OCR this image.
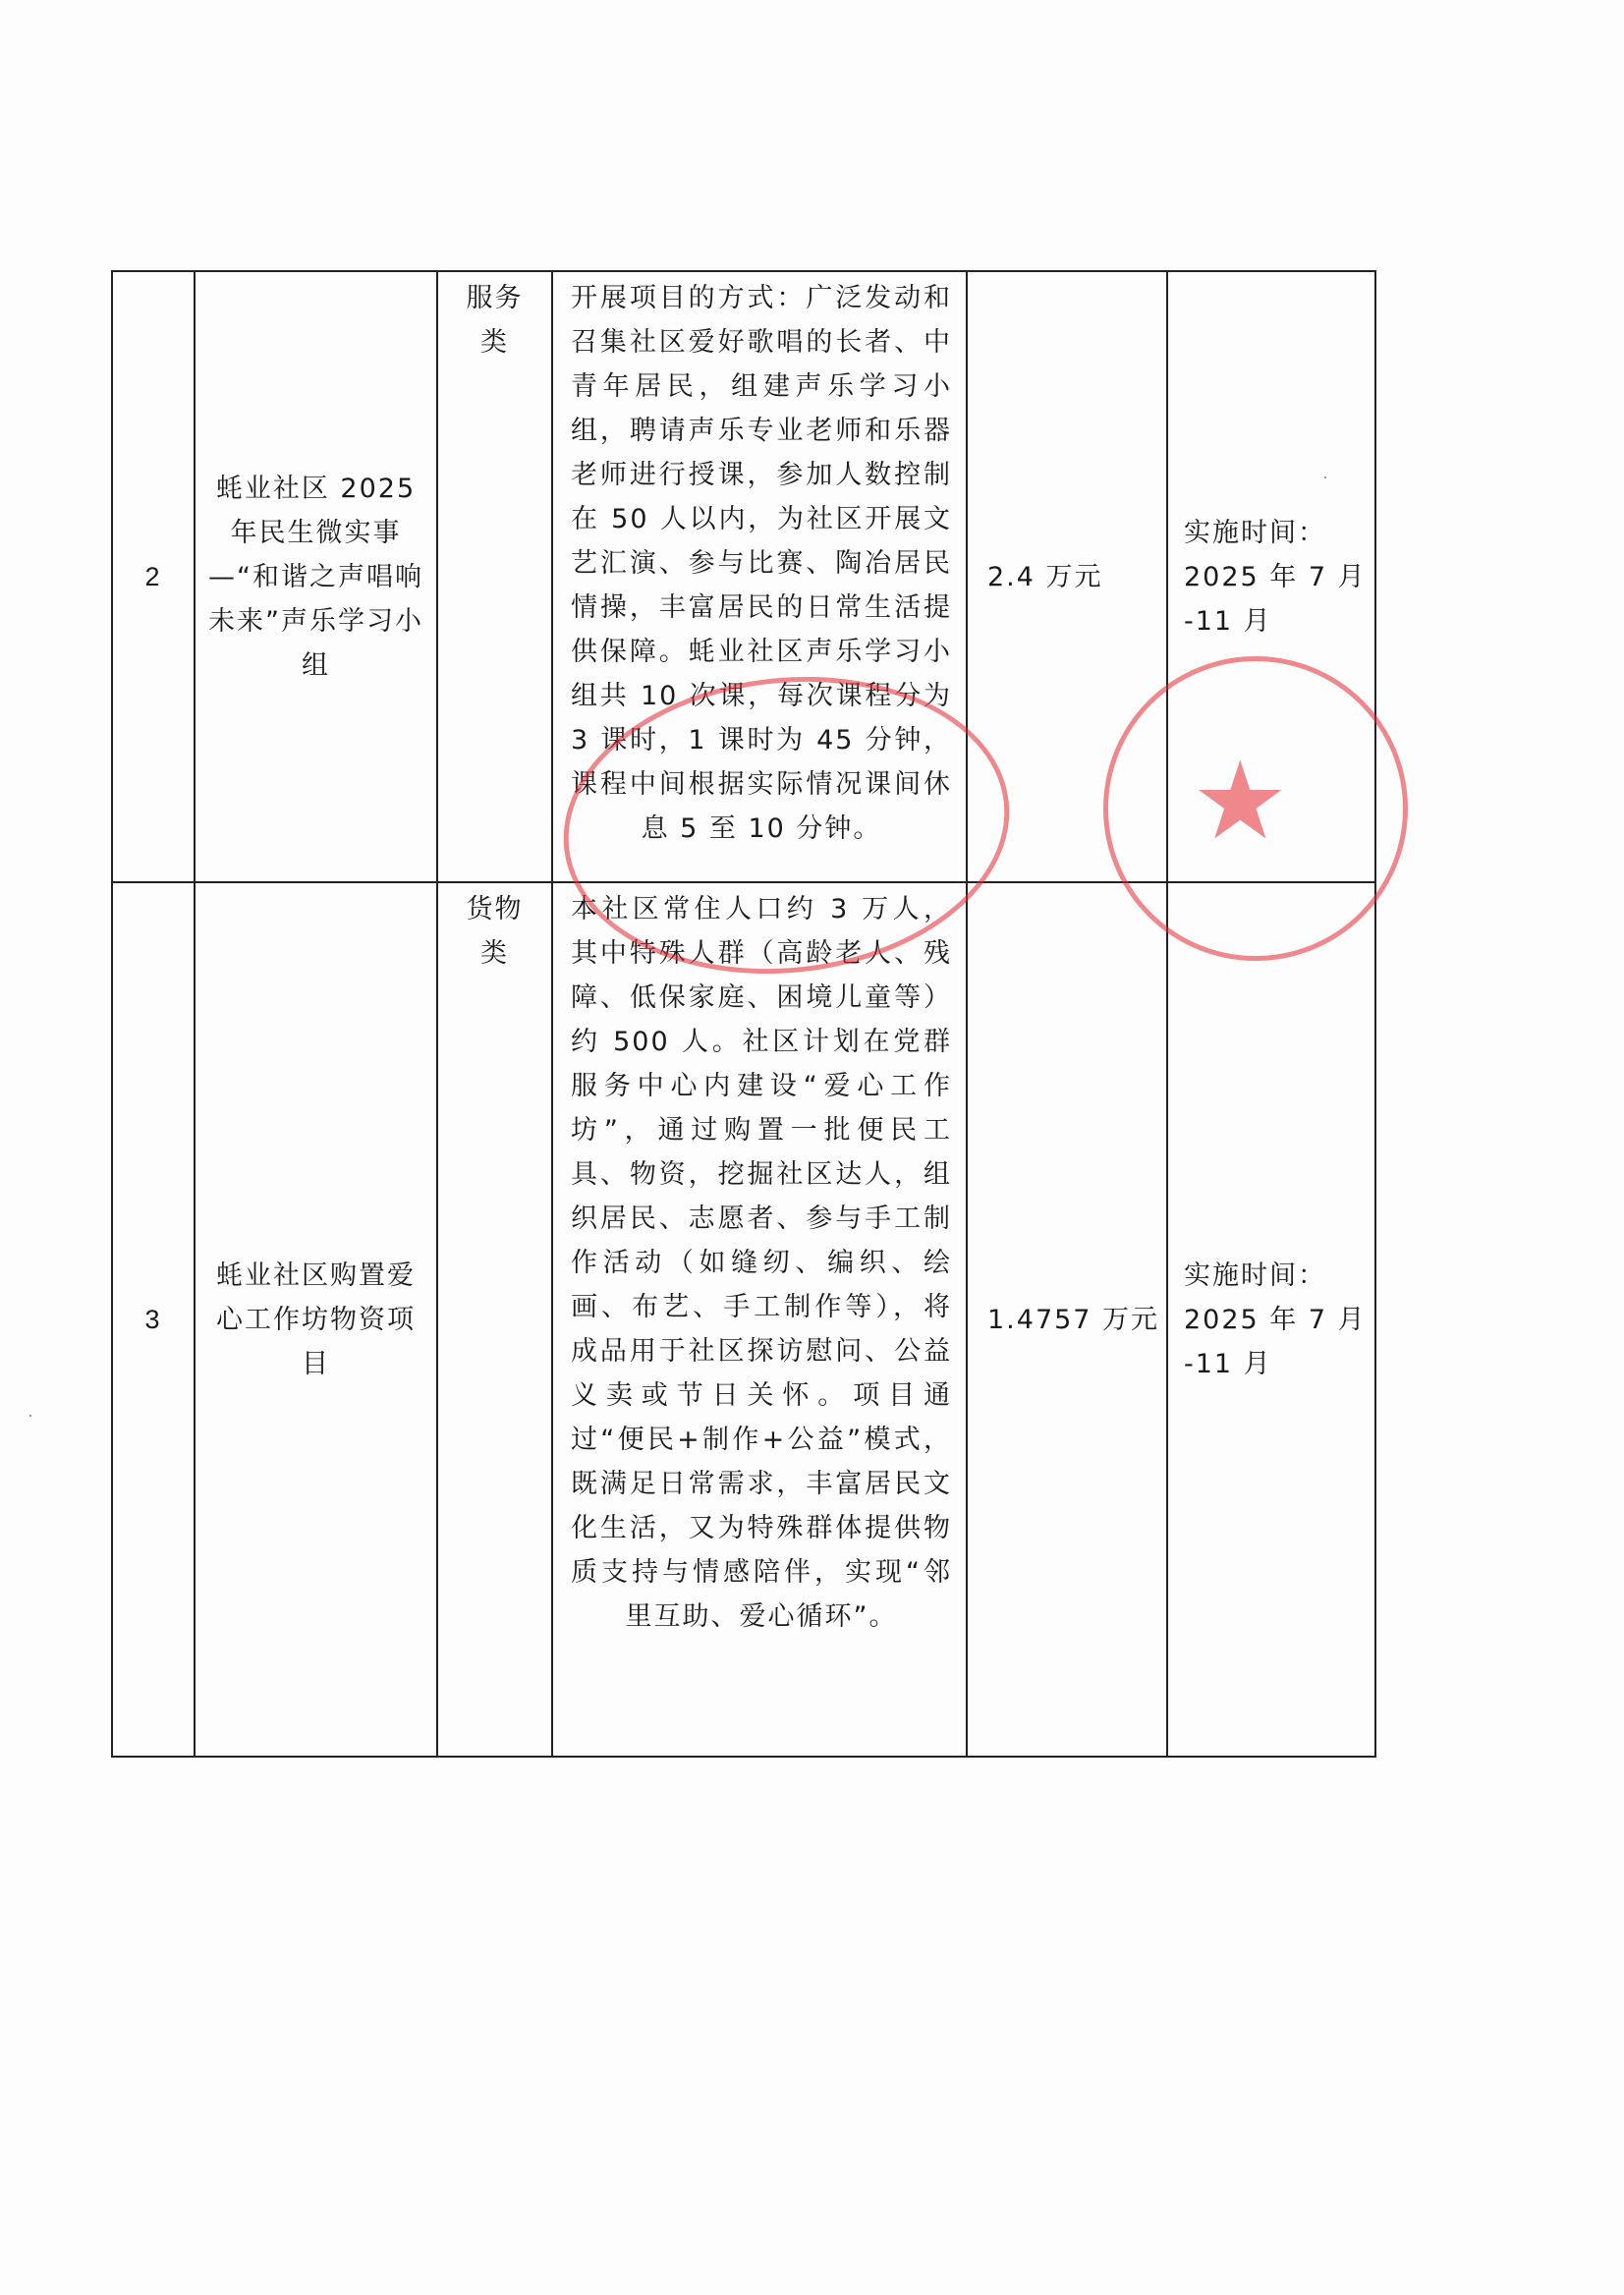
2	蚝业社区 2025 年民生微实事 —“和谐之声唱响未来”声乐学习小组	服务类	开展项目的方式：广泛发动和召集社区爱好歌唱的长者、中青年居民，组建声乐学习小组，聘请声乐专业老师和乐器老师进行授课，参加人数控制在 50 人以内，为社区开展文艺汇演、参与比赛、陶冶居民情操，丰富居民的日常生活提供保障。蚝业社区声乐学习小组共 10 次课，每次课程分为 3 课时，1 课时为 45 分钟，课程中间根据实际情况课间休息 5 至 10 分钟。	2.4 万元	实施时间：2025 年 7 月 -11 月

3	蚝业社区购置爱心工作坊物资项目	货物类	本社区常住人口约 3 万人，其中特殊人群（高龄老人、残障、低保家庭、困境儿童等）约 500 人。社区计划在党群服务中心内建设“爱心工作坊”，通过购置一批便民工具、物资，挖掘社区达人，组织居民、志愿者、参与手工制作活动（如缝纫、编织、绘画、布艺、手工制作等），将成品用于社区探访慰问、公益义卖或节日关怀。项目通过“便民+制作+公益”模式，既满足日常需求，丰富居民文化生活，又为特殊群体提供物质支持与情感陪伴，实现“邻里互助、爱心循环”。	1.4757 万元	实施时间：2025 年 7 月 -11 月
★
